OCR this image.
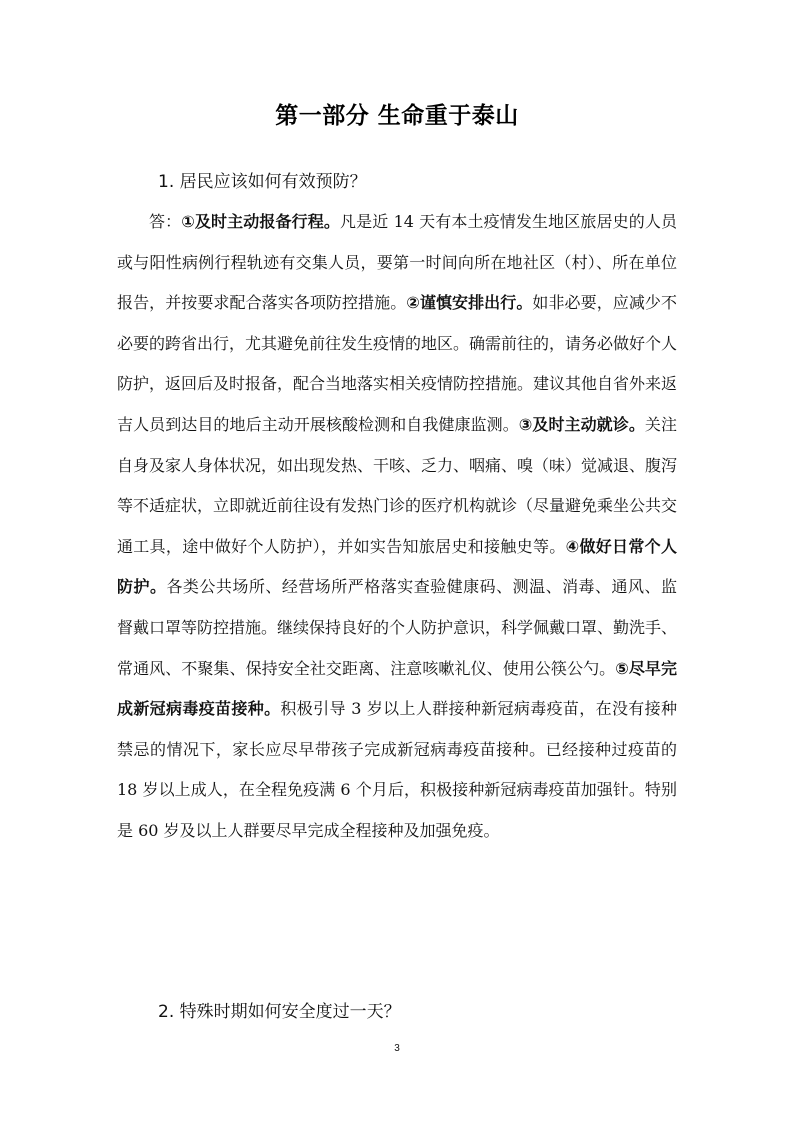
第一部分 生命重于泰山
1. 居民应该如何有效预防？

答：①及时主动报备行程。凡是近 14 天有本土疫情发生地区旅居史的人员或与阳性病例行程轨迹有交集人员，要第一时间向所在地社区（村）、所在单位报告，并按要求配合落实各项防控措施。②谨慎安排出行。如非必要，应减少不必要的跨省出行，尤其避免前往发生疫情的地区。确需前往的，请务必做好个人防护，返回后及时报备，配合当地落实相关疫情防控措施。建议其他自省外来返吉人员到达目的地后主动开展核酸检测和自我健康监测。③及时主动就诊。关注自身及家人身体状况，如出现发热、干咳、乏力、咽痛、嗅（味）觉减退、腹泻等不适症状，立即就近前往设有发热门诊的医疗机构就诊（尽量避免乘坐公共交通工具，途中做好个人防护），并如实告知旅居史和接触史等。④做好日常个人防护。各类公共场所、经营场所严格落实查验健康码、测温、消毒、通风、监督戴口罩等防控措施。继续保持良好的个人防护意识，科学佩戴口罩、勤洗手、常通风、不聚集、保持安全社交距离、注意咳嗽礼仪、使用公筷公勺。⑤尽早完成新冠病毒疫苗接种。积极引导 3 岁以上人群接种新冠病毒疫苗，在没有接种禁忌的情况下，家长应尽早带孩子完成新冠病毒疫苗接种。已经接种过疫苗的 18 岁以上成人，在全程免疫满 6 个月后，积极接种新冠病毒疫苗加强针。特别是 60 岁及以上人群要尽早完成全程接种及加强免疫。

2. 特殊时期如何安全度过一天？
3
